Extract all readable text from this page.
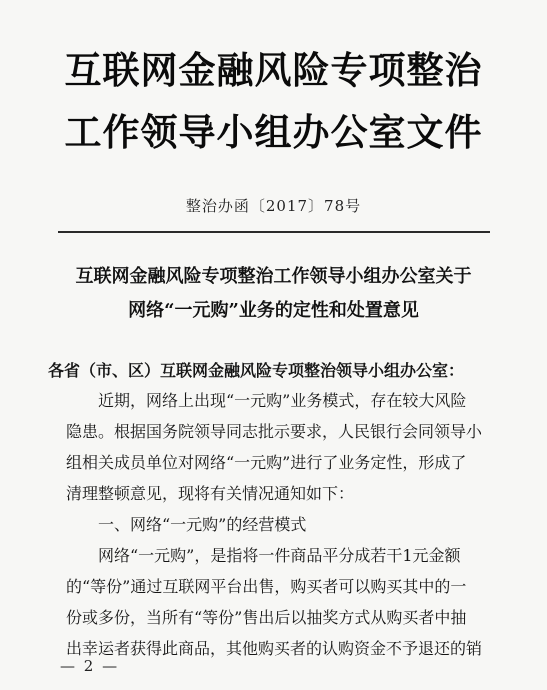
互联网金融风险专项整治
工作领导小组办公室文件
整治办函〔2017〕78号
互联网金融风险专项整治工作领导小组办公室关于
网络“一元购”业务的定性和处置意见
各省（市、区）互联网金融风险专项整治领导小组办公室：
近期，网络上出现“一元购”业务模式，存在较大风险
隐患。根据国务院领导同志批示要求，人民银行会同领导小
组相关成员单位对网络“一元购”进行了业务定性，形成了
清理整顿意见，现将有关情况通知如下：
一、网络“一元购”的经营模式
网络“一元购”，是指将一件商品平分成若干1元金额
的“等份”通过互联网平台出售，购买者可以购买其中的一
份或多份，当所有“等份”售出后以抽奖方式从购买者中抽
出幸运者获得此商品，其他购买者的认购资金不予退还的销
— 2 —
